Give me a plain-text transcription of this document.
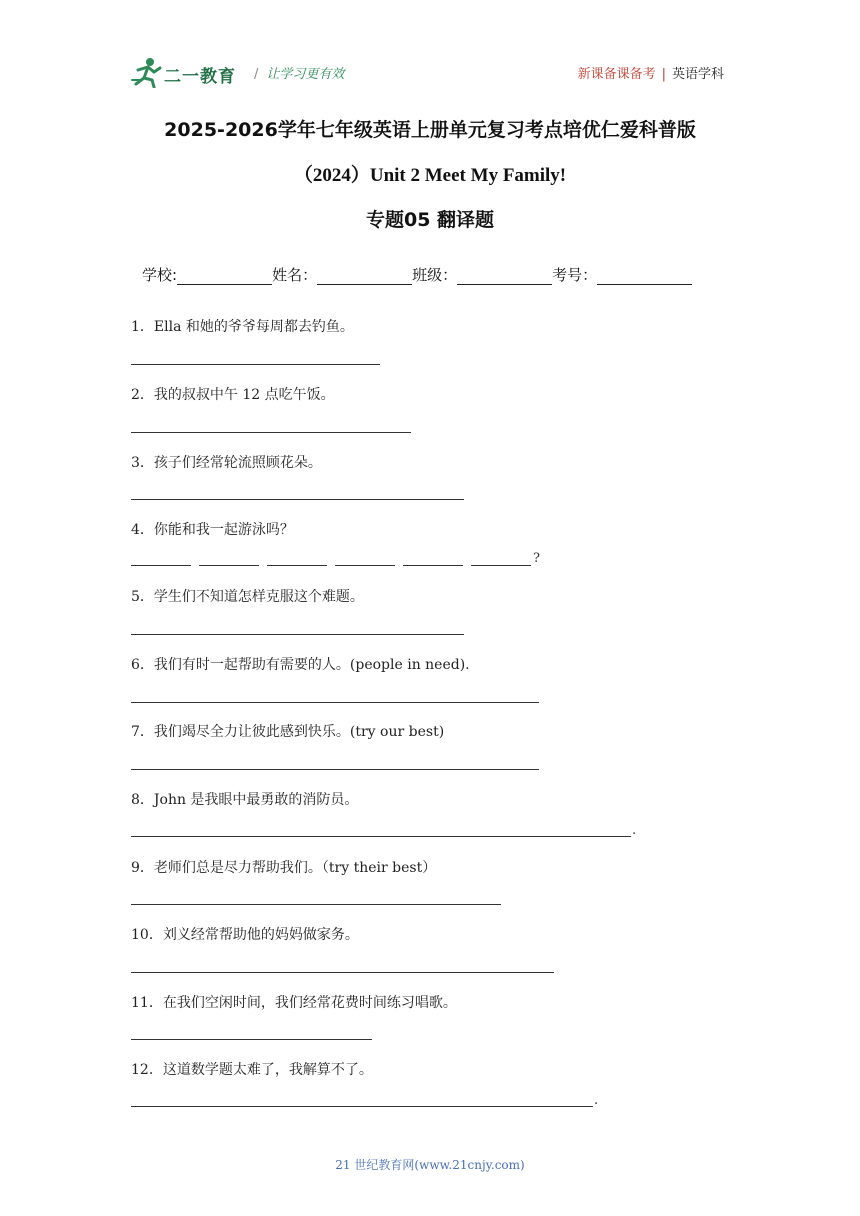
二一教育 / 让学习更有效	新课备课备考 | 英语学科
2025-2026学年七年级英语上册单元复习考点培优仁爱科普版
（2024）Unit 2 Meet My Family!
专题05 翻译题
学校:	姓名：	班级：	考号：
1．Ella 和她的爷爷每周都去钓鱼。
2．我的叔叔中午 12 点吃午饭。
3．孩子们经常轮流照顾花朵。
4．你能和我一起游泳吗？
?
5．学生们不知道怎样克服这个难题。
6．我们有时一起帮助有需要的人。(people in need).
7．我们竭尽全力让彼此感到快乐。(try our best)
8．John 是我眼中最勇敢的消防员。
.
9．老师们总是尽力帮助我们。（try their best）
10．刘义经常帮助他的妈妈做家务。
11．在我们空闲时间，我们经常花费时间练习唱歌。
12．这道数学题太难了，我解算不了。
.
21 世纪教育网(www.21cnjy.com)
